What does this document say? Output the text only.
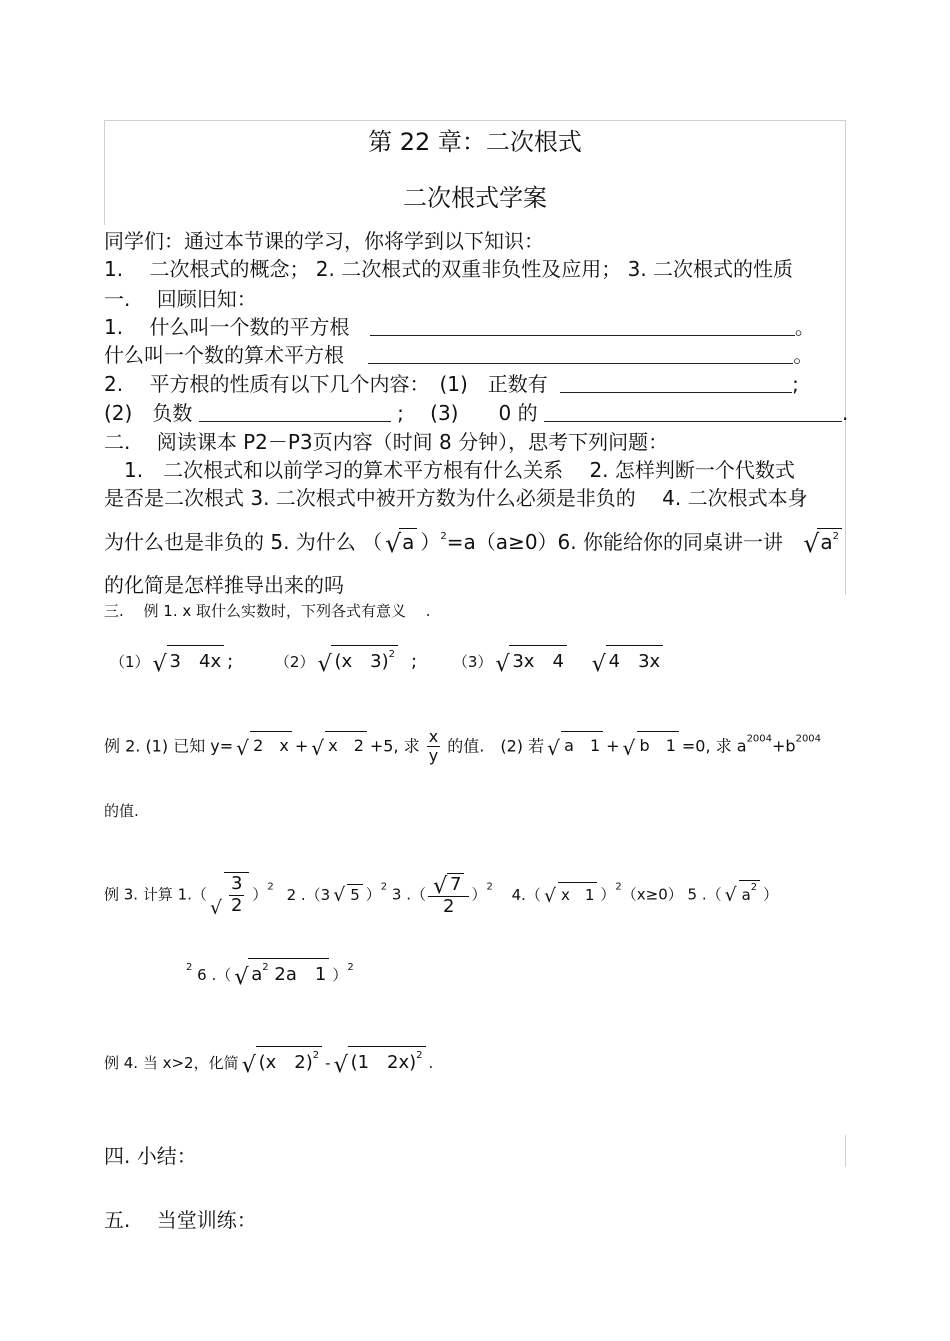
第 22 章：二次根式
二次根式学案
同学们：通过本节课的学习，你将学到以下知识：
1.　 二次根式的概念； 2. 二次根式的双重非负性及应用； 3. 二次根式的性质
一.　 回顾旧知：
1.　 什么叫一个数的平方根	。
什么叫一个数的算术平方根	。
2.　 平方根的性质有以下几个内容：　(1)　正数有	;
(2)　负数	;　 (3)　　0 的	.
二.　 阅读课本 P2－P3页内容（时间 8 分钟），思考下列问题：
1.　二次根式和以前学习的算术平方根有什么关系　 2. 怎样判断一个代数式
是否是二次根式 3. 二次根式中被开方数为什么必须是非负的　 4. 二次根式本身
为什么也是非负的 5. 为什么 （ √ a ）$^2$=a（a≥0）6. 你能给你的同桌讲一讲 √ $a^2$
的化简是怎样推导出来的吗
三.　 例 1. x 取什么实数时，下列各式有意义　 .
（1） √ 3　4x ;	（2） √ (x　3)$^2$ ; （3） √ 3x　4 √ 4　3x
例 2. (1) 已知 y= √ 2　x + √ x　2 +5, 求 $\frac{x}{y}$ 的值.　(2) 若 √ a　1 + √ b　1 =0, 求 $a^{2004}+b^{2004}$
的值.
例 3. 计算 1.（ √ $\frac{3}{2} )^2$ 2 .（3 √ 5 ）$^2$ 3 .（ √ $\frac{7}{2} )^2$ 4.（ √ x　1 ）$^2$（x≥0） 5 .（ √ $a^2$ ）
$^2$ 6 .（ √ $a^2$ 2a　1 ）$^2$
例 4. 当 x>2，化简 √ (x　2)$^2$ - √ (1　2x)$^2$ .
四. 小结：
五.　 当堂训练：
